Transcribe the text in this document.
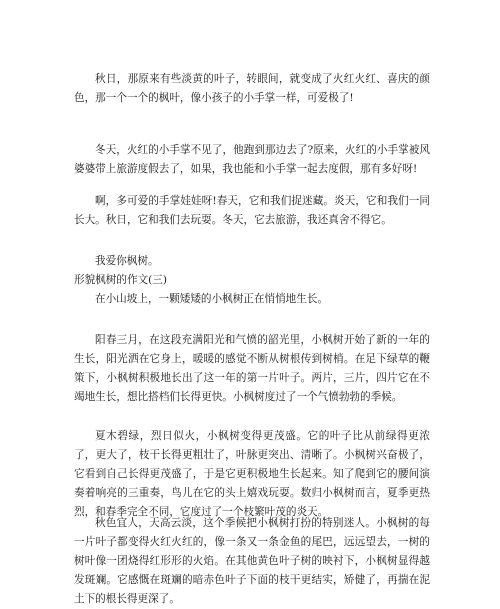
秋日，那原来有些淡黄的叶子，转眼间，就变成了火红火红、喜庆的颜色，那一个一个的枫叶，像小孩子的小手掌一样，可爱极了!

冬天，火红的小手掌不见了，他跑到那边去了?原来，火红的小手掌被风婆婆带上旅游度假去了，如果，我也能和小手掌一起去度假，那有多好呀!

啊，多可爱的手掌娃娃呀!春天，它和我们捉迷藏。炎天，它和我们一同长大。秋日，它和我们去玩耍。冬天，它去旅游，我还真舍不得它。

我爱你枫树。

形貌枫树的作文(三)

在小山坡上，一颗矮矮的小枫树正在悄悄地生长。

阳春三月，在这段充满阳光和气愤的韶光里，小枫树开始了新的一年的生长，阳光洒在它身上，暖暖的感觉不断从树根传到树梢。在足下绿草的鞭策下，小枫树积极地长出了这一年的第一片叶子。两片，三片，四片它在不竭地生长，想比搭档们长得更快。小枫树度过了一个气愤勃勃的季候。

夏木碧绿，烈日似火，小枫树变得更茂盛。它的叶子比从前绿得更浓了，更大了，枝干长得更粗壮了，叶脉更突出、清晰了。小枫树兴奋极了，它看到自己长得更茂盛了，于是它更积极地生长起来。知了爬到它的腰间演奏着响亮的三重奏，鸟儿在它的头上嬉戏玩耍。数归小枫树而言，夏季更热烈，和春季完全不同，它度过了一个枝繁叶茂的炎天。

秋色宜人，天高云淡，这个季候把小枫树打扮的特别迷人。小枫树的每一片叶子都变得火红火红的，像一条又一条金鱼的尾巴，远远望去，一树的树叶像一团烧得红形形的火焰。在其他黄色叶子树的映衬下，小枫树显得越发斑斓。它感慨在斑斓的暗赤色叶子下面的枝干更结实，矫健了，再揣在泥土下的根长得更深了。
